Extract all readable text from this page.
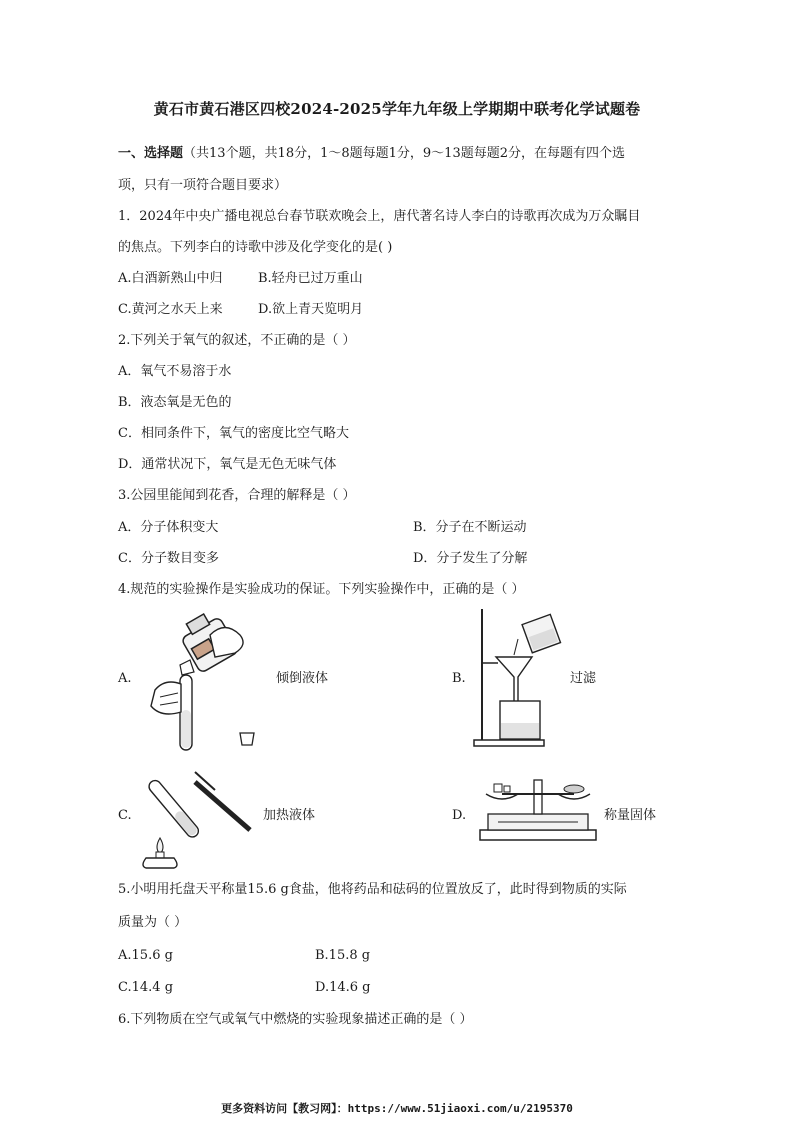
黄石市黄石港区四校2024-2025学年九年级上学期期中联考化学试题卷
一、选择题（共13个题，共18分，1～8题每题1分，9～13题每题2分，在每题有四个选
项，只有一项符合题目要求）
1．2024年中央广播电视总台春节联欢晚会上，唐代著名诗人李白的诗歌再次成为万众瞩目
的焦点。下列李白的诗歌中涉及化学变化的是( )
A.白酒新熟山中归	B.轻舟已过万重山
C.黄河之水天上来	D.欲上青天览明月
2.下列关于氧气的叙述，不正确的是（ ）
A．氧气不易溶于水
B．液态氧是无色的
C．相同条件下，氧气的密度比空气略大
D．通常状况下，氧气是无色无味气体
3.公园里能闻到花香，合理的解释是（ ）
A．分子体积变大	B．分子在不断运动
C．分子数目变多	D．分子发生了分解
4.规范的实验操作是实验成功的保证。下列实验操作中，正确的是（ ）
A.	倾倒液体	B.	过滤
C.	加热液体	D.	称量固体
5.小明用托盘天平称量15.6 g食盐，他将药品和砝码的位置放反了，此时得到物质的实际
质量为（ ）
A.15.6 g	B.15.8 g
C.14.4 g	D.14.6 g
6.下列物质在空气或氧气中燃烧的实验现象描述正确的是（ ）
更多资料访问【教习网】：https://www.51jiaoxi.com/u/2195370
